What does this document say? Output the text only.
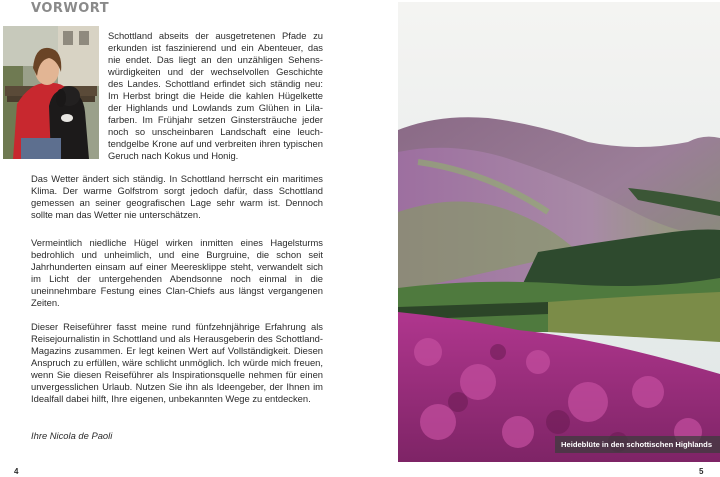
VORWORT

Schottland abseits der ausgetretenen Pfade zu erkunden ist faszinierend und ein Abenteuer, das nie endet. Das liegt an den unzähligen Sehenswürdigkeiten und der wechselvollen Geschichte des Landes. Schottland erfindet sich ständig neu: Im Herbst bringt die Heide die kahlen Hügelkette der Highlands und Lowlands zum Glühen in Lilafarben. Im Frühjahr setzen Ginstersträuche jeder noch so unscheinbaren Landschaft eine leuchtendgelbe Krone auf und verbreiten ihren typischen Geruch nach Kokus und Honig.

Das Wetter ändert sich ständig. In Schottland herrscht ein maritimes Klima. Der warme Golfstrom sorgt jedoch dafür, dass Schottland gemessen an seiner geografischen Lage sehr warm ist. Dennoch sollte man das Wetter nie unterschätzen.

Vermeintlich niedliche Hügel wirken inmitten eines Hagelsturms bedrohlich und unheimlich, und eine Burgruine, die schon seit Jahrhunderten einsam auf einer Meeresklippe steht, verwandelt sich im Licht der untergehenden Abendsonne noch einmal in die uneinnehmbare Festung eines Clan-Chiefs aus längst vergangenen Zeiten.

Dieser Reiseführer fasst meine rund fünfzehnjährige Erfahrung als Reisejournalistin in Schottland und als Herausgeberin des Schottland-Magazins zusammen. Er legt keinen Wert auf Vollständigkeit. Diesen Anspruch zu erfüllen, wäre schlicht unmöglich. Ich würde mich freuen, wenn Sie diesen Reiseführer als Inspirationsquelle nehmen für einen unvergesslichen Urlaub. Nutzen Sie ihn als Ideengeber, der Ihnen im Idealfall dabei hilft, Ihre eigenen, unbekannten Wege zu entdecken.

Ihre Nicola de Paoli

4
Heideblüte in den schottischen Highlands
5
